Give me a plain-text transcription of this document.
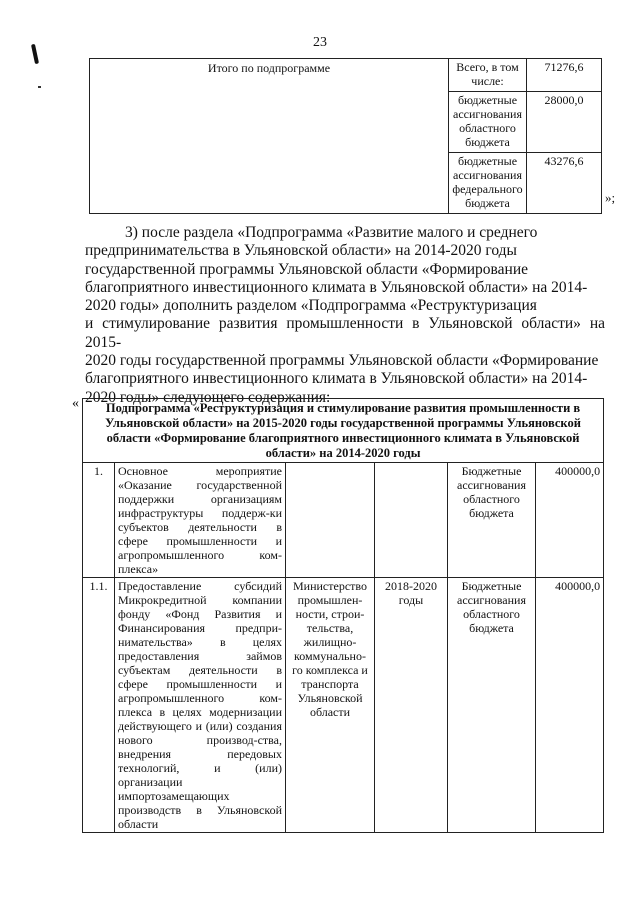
23
Итого по подпрограмме	Всего, в том числе:	71276,6
	бюджетные ассигнования областного бюджета	28000,0
	бюджетные ассигнования федерального бюджета	43276,6
»;
3) после раздела «Подпрограмма «Развитие малого и среднего
предпринимательства в Ульяновской области» на 2014-2020 годы
государственной программы Ульяновской области «Формирование
благоприятного инвестиционного климата в Ульяновской области» на 2014-
2020 годы» дополнить разделом «Подпрограмма «Реструктуризация
и стимулирование развития промышленности в Ульяновской области» на 2015-
2020 годы государственной программы Ульяновской области «Формирование
благоприятного инвестиционного климата в Ульяновской области» на 2014-
2020 годы» следующего содержания:
« Подпрограмма «Реструктуризация и стимулирование развития промышленности в Ульяновской области» на 2015-2020 годы государственной программы Ульяновской области «Формирование благоприятного инвестиционного климата в Ульяновской области» на 2014-2020 годы					
1.	Основное мероприятие «Оказание государственной поддержки организациям инфраструктуры поддерж-ки субъектов деятельности в сфере промышленности и агропромышленного ком-плекса»			Бюджетные ассигнования областного бюджета	400000,0
1.1.	Предоставление субсидий Микрокредитной компании фонду «Фонд Развития и Финансирования предпри-нимательства» в целях предоставления займов субъектам деятельности в сфере промышленности и агропромышленного ком-плекса в целях модернизации действующего и (или) создания нового производ-ства, внедрения передовых технологий, и (или) организации импортозамещающих производств в Ульяновской области	Министерство промышлен-ности, строи-тельства, жилищно-коммунально-го комплекса и транспорта Ульяновской области	2018-2020 годы	Бюджетные ассигнования областного бюджета	400000,0
